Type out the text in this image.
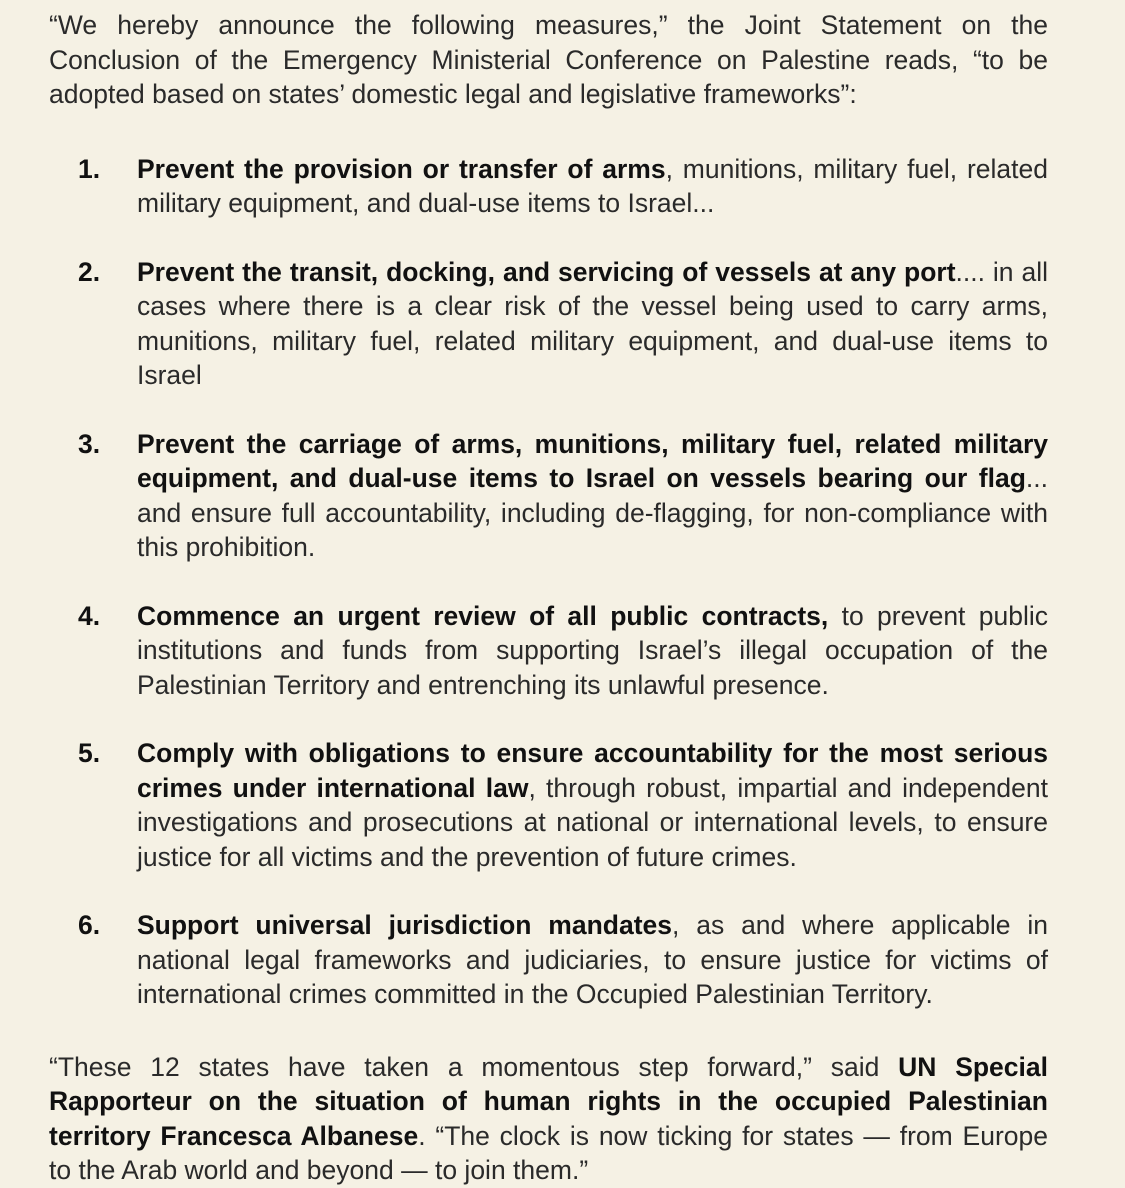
“We hereby announce the following measures,” the Joint Statement on the Conclusion of the Emergency Ministerial Conference on Palestine reads, “to be adopted based on states’ domestic legal and legislative frameworks”:

1.	Prevent the provision or transfer of arms, munitions, military fuel, related military equipment, and dual-use items to Israel...
2.	Prevent the transit, docking, and servicing of vessels at any port.... in all cases where there is a clear risk of the vessel being used to carry arms, munitions, military fuel, related military equipment, and dual-use items to Israel
3.	Prevent the carriage of arms, munitions, military fuel, related military equipment, and dual-use items to Israel on vessels bearing our flag... and ensure full accountability, including de-flagging, for non-compliance with this prohibition.
4.	Commence an urgent review of all public contracts, to prevent public institutions and funds from supporting Israel’s illegal occupation of the Palestinian Territory and entrenching its unlawful presence.
5.	Comply with obligations to ensure accountability for the most serious crimes under international law, through robust, impartial and independent investigations and prosecutions at national or international levels, to ensure justice for all victims and the prevention of future crimes.
6.	Support universal jurisdiction mandates, as and where applicable in national legal frameworks and judiciaries, to ensure justice for victims of international crimes committed in the Occupied Palestinian Territory.

“These 12 states have taken a momentous step forward,” said UN Special Rapporteur on the situation of human rights in the occupied Palestinian territory Francesca Albanese. “The clock is now ticking for states — from Europe to the Arab world and beyond — to join them.”
